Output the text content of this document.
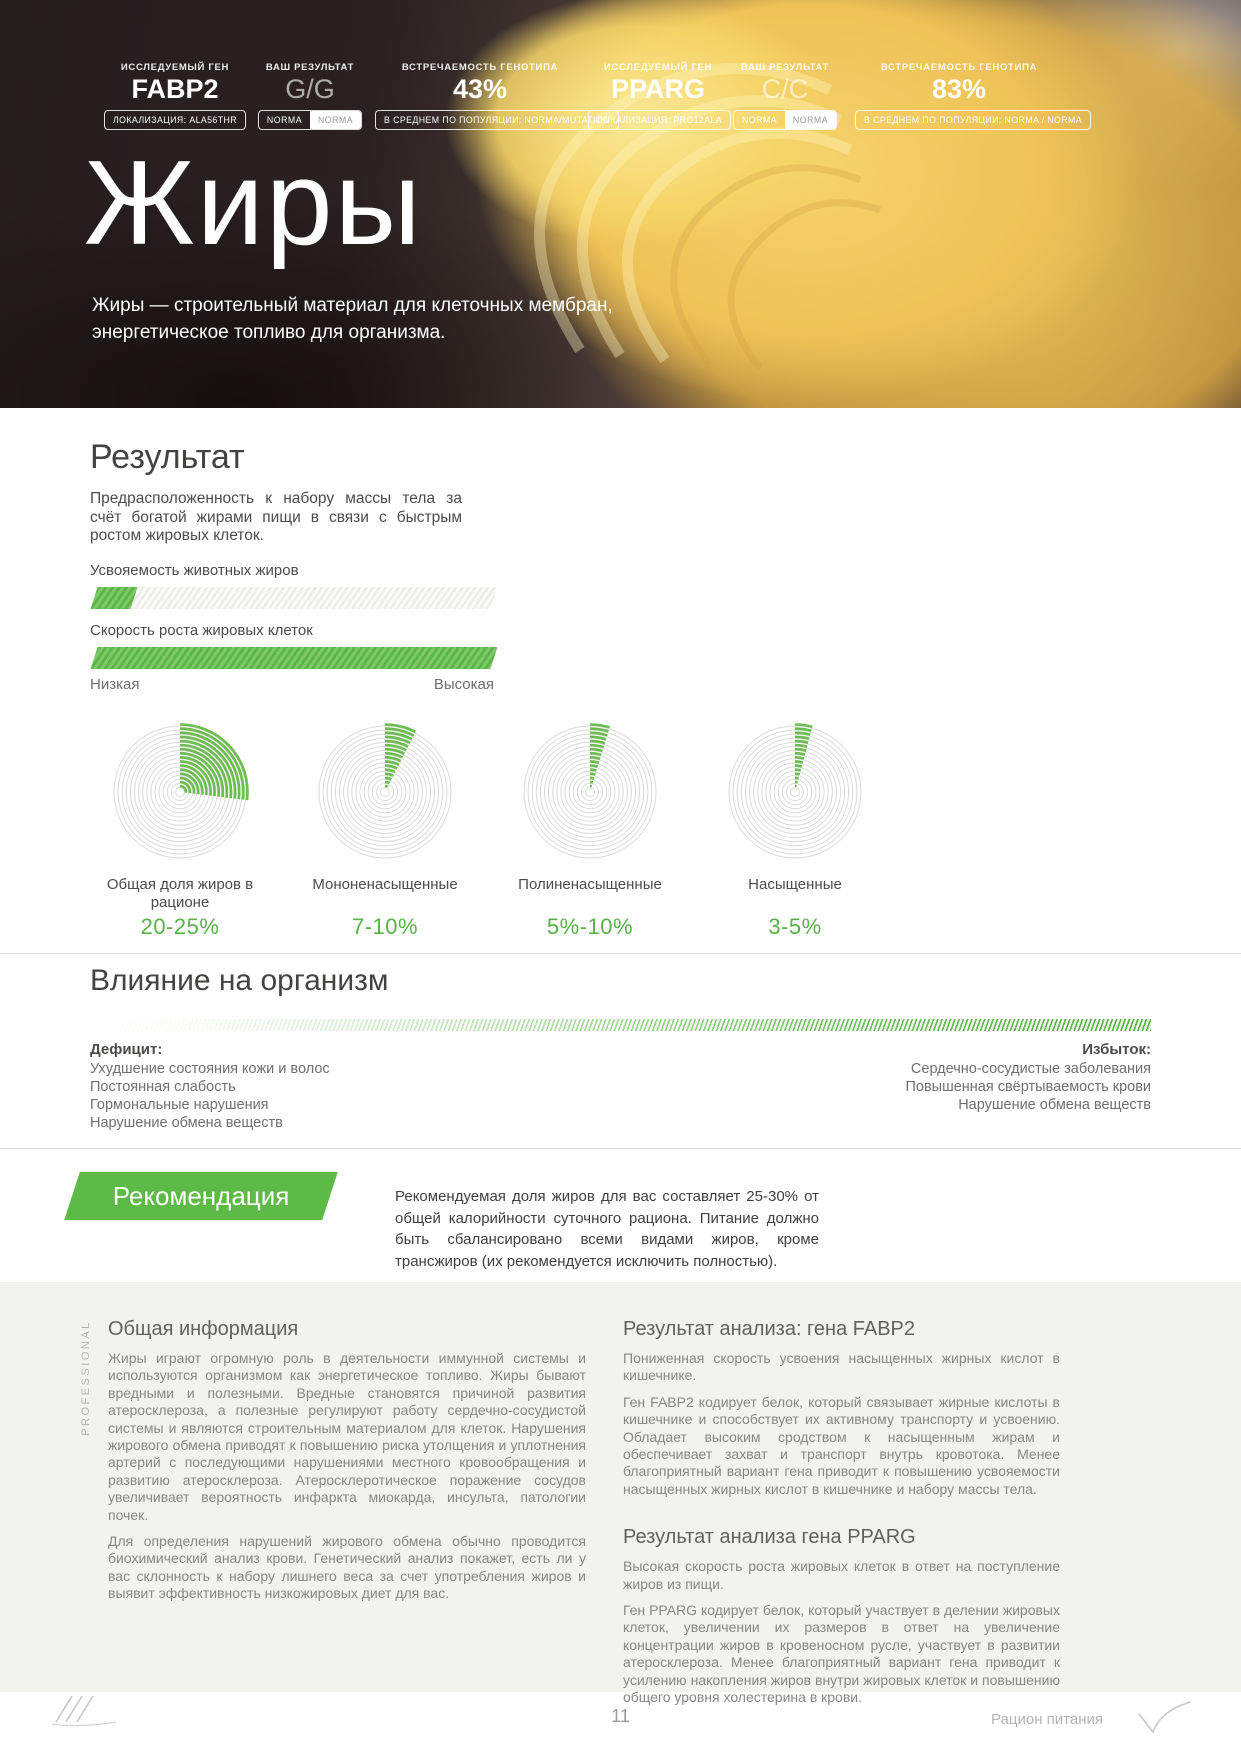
ИССЛЕДУЕМЫЙ ГЕН
FABP2
ЛОКАЛИЗАЦИЯ: ALA56THR
ВАШ РЕЗУЛЬТАТ
G/G
NORMA	NORMA
ВСТРЕЧАЕМОСТЬ ГЕНОТИПА
43%
В СРЕДНЕМ ПО ПОПУЛЯЦИИ: NORMA/MUTATION
ИССЛЕДУЕМЫЙ ГЕН
PPARG
ЛОКАЛИЗАЦИЯ: PRO12ALA
ВАШ РЕЗУЛЬТАТ
C/C
NORMA	NORMA
ВСТРЕЧАЕМОСТЬ ГЕНОТИПА
83%
В СРЕДНЕМ ПО ПОПУЛЯЦИИ: NORMA / NORMA
Жиры
Жиры — строительный материал для клеточных мембран, энергетическое топливо для организма.
Результат
Предрасположенность к набору массы тела за счёт богатой жирами пищи в связи с быстрым ростом жировых клеток.
Усвояемость животных жиров
Скорость роста жировых клеток
Низкая	Высокая
Общая доля жиров в рационе
Мононенасыщенные	Полиненасыщенные	Насыщенные
20-25%	7-10%	5%-10%	3-5%
Влияние на организм
Дефицит:
Ухудшение состояния кожи и волос
Постоянная слабость
Гормональные нарушения
Нарушение обмена веществ
Избыток:
Сердечно-сосудистые заболевания
Повышенная свёртываемость крови
Нарушение обмена веществ
Рекомендация	Рекомендуемая доля жиров для вас составляет 25-30% от общей калорийности суточного рациона. Питание должно быть сбалансировано всеми видами жиров, кроме трансжиров (их рекомендуется исключить полностью).
PROFESSIONAL Общая информация

Жиры играют огромную роль в деятельности иммунной системы и используются организмом как энергетическое топливо. Жиры бывают вредными и полезными. Вредные становятся причиной развития атеросклероза, а полезные регулируют работу сердечно-сосудистой системы и являются строительным материалом для клеток. Нарушения жирового обмена приводят к повышению риска утолщения и уплотнения артерий с последующими нарушениями местного кровообращения и развитию атеросклероза. Атеросклеротическое поражение сосудов увеличивает вероятность инфаркта миокарда, инсульта, патологии почек.

Для определения нарушений жирового обмена обычно проводится биохимический анализ крови. Генетический анализ покажет, есть ли у вас склонность к набору лишнего веса за счет употребления жиров и выявит эффективность низкожировых диет для вас.

Результат анализа: гена FABP2

Пониженная скорость усвоения насыщенных жирных кислот в кишечнике.

Ген FABP2 кодирует белок, который связывает жирные кислоты в кишечнике и способствует их активному транспорту и усвоению. Обладает высоким сродством к насыщенным жирам и обеспечивает захват и транспорт внутрь кровотока. Менее благоприятный вариант гена приводит к повышению усвояемости насыщенных жирных кислот в кишечнике и набору массы тела.

Результат анализа гена PPARG

Высокая скорость роста жировых клеток в ответ на поступление жиров из пищи.

Ген PPARG кодирует белок, который участвует в делении жировых клеток, увеличении их размеров в ответ на увеличение концентрации жиров в кровеносном русле, участвует в развитии атеросклероза. Менее благоприятный вариант гена приводит к усилению накопления жиров внутри жировых клеток и повышению общего уровня холестерина в крови.

11	Рацион питания
